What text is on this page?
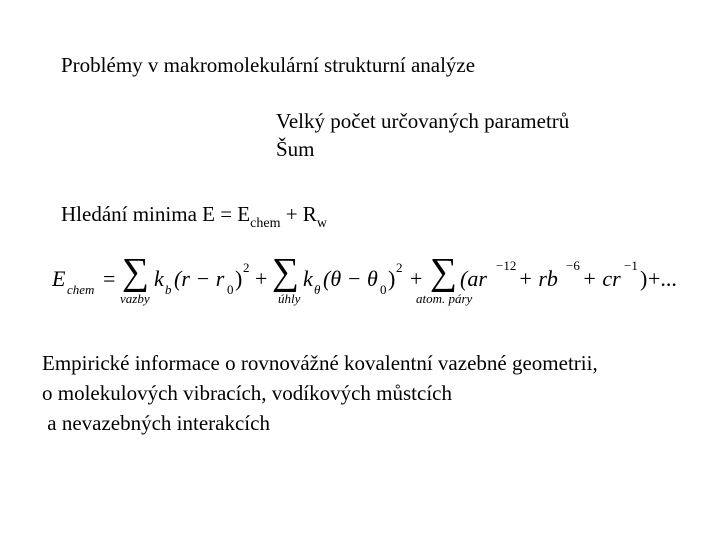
Problémy v makromolekulární strukturní analýze
Velký počet určovaných parametrů
Šum
Hledání minima $E = E_{chem} + R_w$
E chem = ∑
vazby
k b (r − r 0 ) 2 + ∑
úhly
k θ (θ − θ 0 ) 2 + ∑
atom. páry
(ar
−12
+ rb
−6
+ cr
−1
) +...
Empirické informace o rovnovážné kovalentní vazebné geometrii,
o molekulových vibracích, vodíkových můstcích
a nevazebných interakcích
